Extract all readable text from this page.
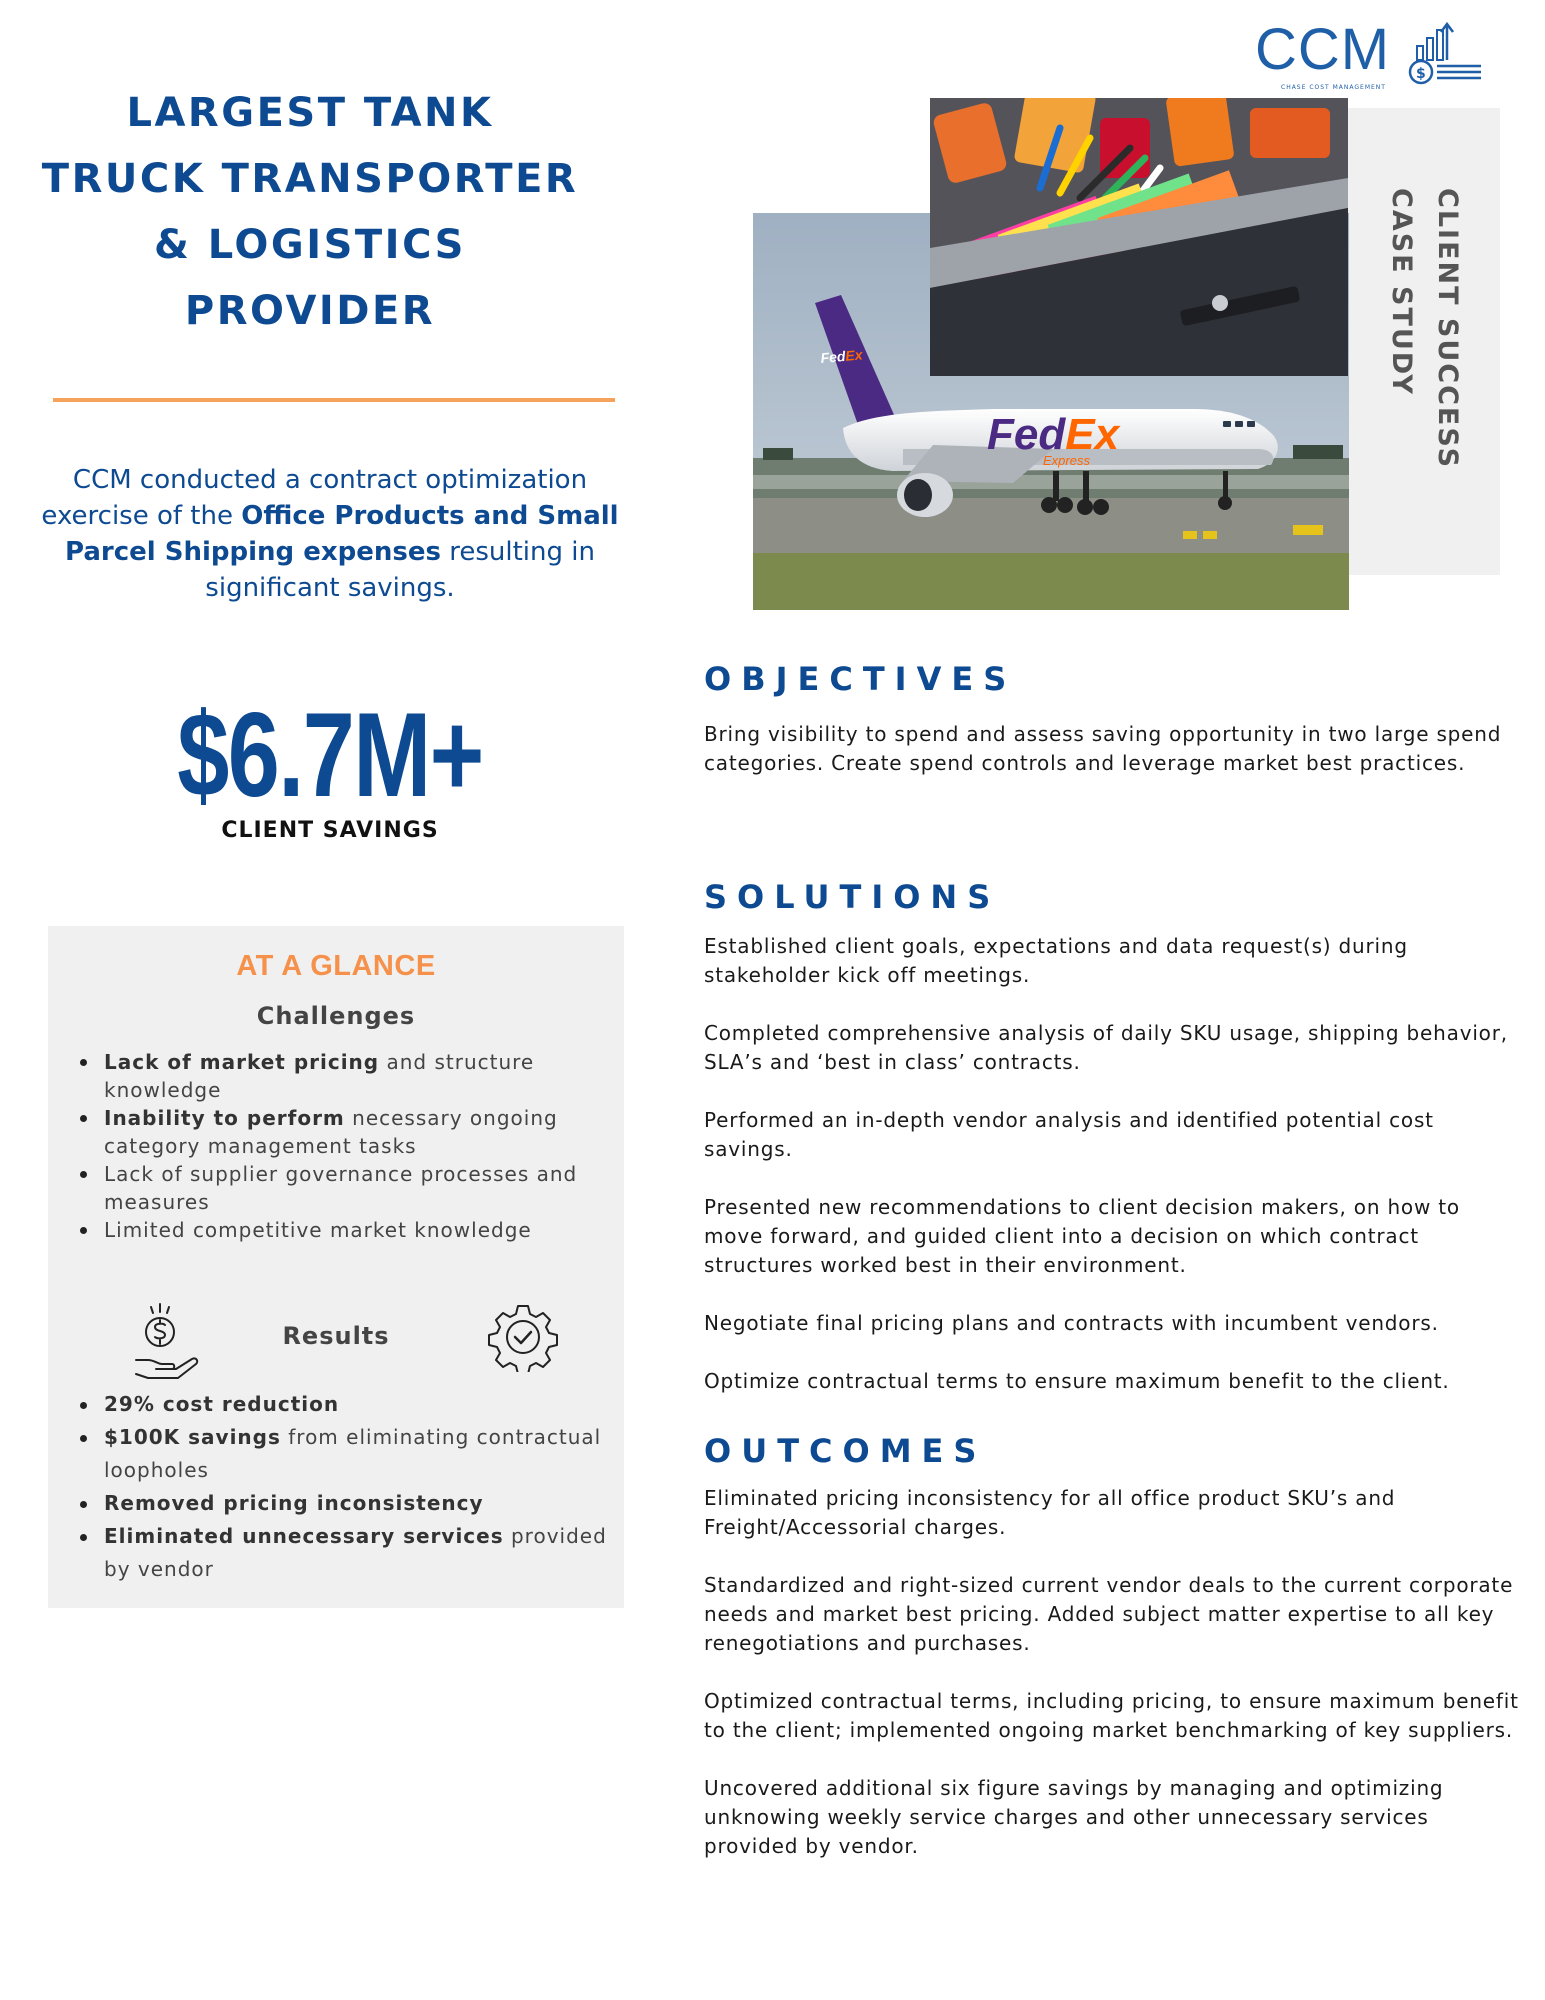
CCM $
CHASE COST MANAGEMENT
LARGEST TANK
TRUCK TRANSPORTER
& LOGISTICS
PROVIDER
CCM conducted a contract optimization exercise of the Office Products and Small Parcel Shipping expenses resulting in significant savings.
$6.7M+
CLIENT SAVINGS
AT A GLANCE
Challenges
Lack of market pricing and structure knowledge
Inability to perform necessary ongoing category management tasks
Lack of supplier governance processes and measures
Limited competitive market knowledge
Results
29% cost reduction
$100K savings from eliminating contractual loopholes
Removed pricing inconsistency
Eliminated unnecessary services provided by vendor
FedEx
Express
FedEx	CLIENT SUCCESS
CASE STUDY
OBJECTIVES

Bring visibility to spend and assess saving opportunity in two large spend categories. Create spend controls and leverage market best practices.

SOLUTIONS

Established client goals, expectations and data request(s) during stakeholder kick off meetings.

Completed comprehensive analysis of daily SKU usage, shipping behavior, SLA’s and ‘best in class’ contracts.

Performed an in-depth vendor analysis and identified potential cost savings.

Presented new recommendations to client decision makers, on how to move forward, and guided client into a decision on which contract structures worked best in their environment.

Negotiate final pricing plans and contracts with incumbent vendors.

Optimize contractual terms to ensure maximum benefit to the client.

OUTCOMES

Eliminated pricing inconsistency for all office product SKU’s and Freight/Accessorial charges.

Standardized and right-sized current vendor deals to the current corporate needs and market best pricing. Added subject matter expertise to all key renegotiations and purchases.

Optimized contractual terms, including pricing, to ensure maximum benefit to the client; implemented ongoing market benchmarking of key suppliers.

Uncovered additional six figure savings by managing and optimizing unknowing weekly service charges and other unnecessary services provided by vendor.
